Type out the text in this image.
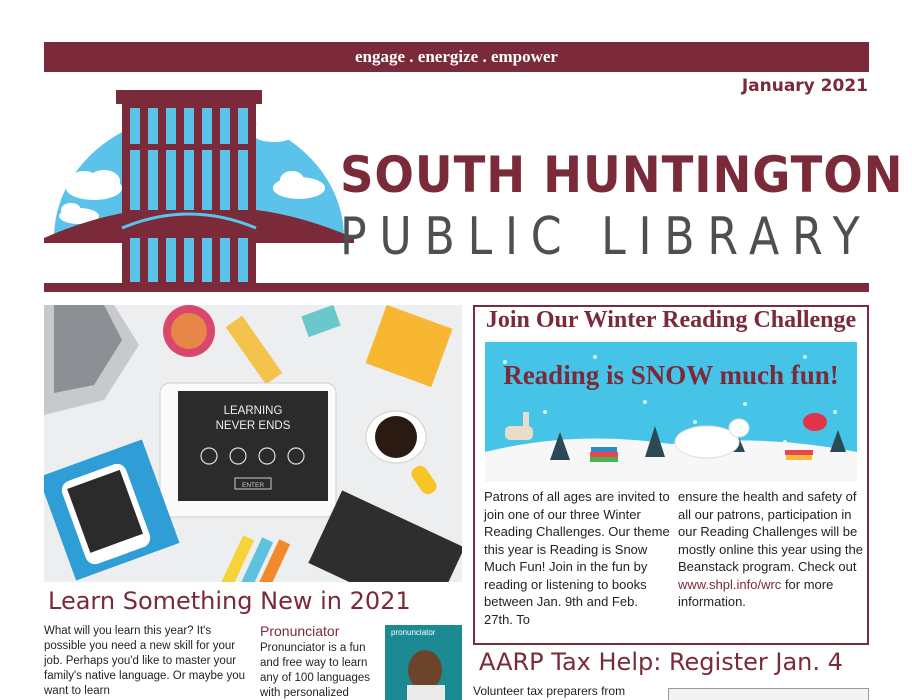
engage . energize . empower
January 2021
SOUTH HUNTINGTON
PUBLIC LIBRARY
LEARNING
NEVER ENDS
ENTER
Learn Something New in 2021
What will you learn this year? It's possible you need a new skill for your job. Perhaps you'd like to master your family's native language. Or maybe you want to learn
Pronunciator
Pronunciator is a fun and free way to learn any of 100 languages with personalized
pronunciator
Join Our Winter Reading Challenge
Reading is SNOW much fun!
Patrons of all ages are invited to join one of our three Winter Reading Challenges. Our theme this year is Reading is Snow Much Fun! Join in the fun by reading or listening to books between Jan. 9th and Feb. 27th. To
ensure the health and safety of all our patrons, participation in our Reading Challenges will be mostly online this year using the Beanstack program. Check out www.shpl.info/wrc for more information.
AARP Tax Help: Register Jan. 4
Volunteer tax preparers from
